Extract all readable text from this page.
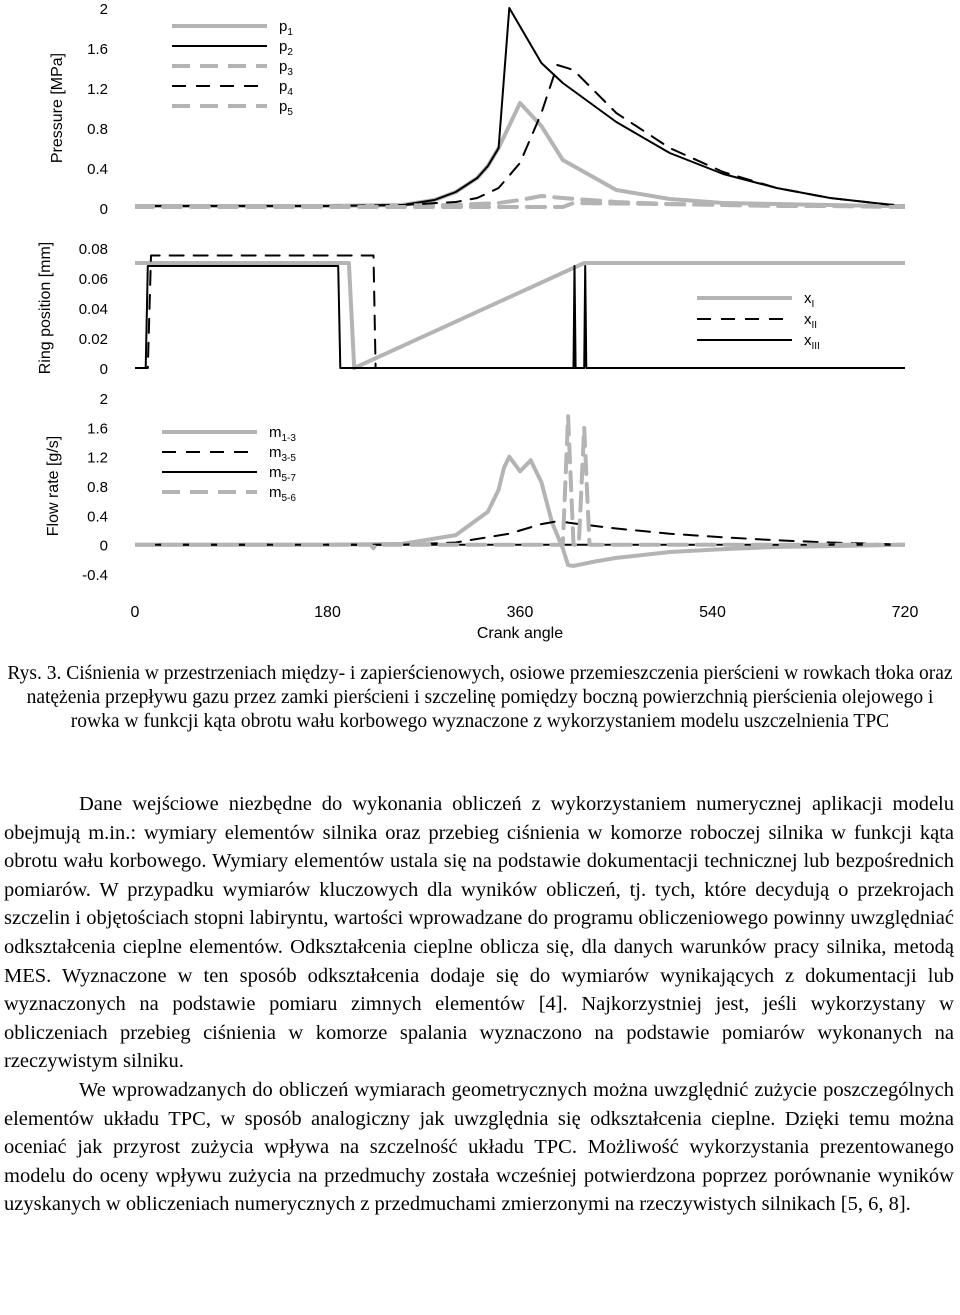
2
1.6
1.2
0.8
0.4
0
Pressure [MPa]
$p_1$
$p_2$
$p_3$
$p_4$
$p_5$
0.08
0.06
0.04
0.02
0
Ring position [mm]	$x_I$
$x_{II}$
$x_{III}$
2
1.6
1.2
0.8
0.4
0
-0.4
Flow rate [g/s]
$m_{1-3}$
$m_{3-5}$
$m_{5-7}$
$m_{5-6}$
0	180	360	540	720
Crank angle

Rys. 3. Ciśnienia w przestrzeniach między- i zapierścienowych, osiowe przemieszczenia pierścieni w rowkach tłoka oraz natężenia przepływu gazu przez zamki pierścieni i szczelinę pomiędzy boczną powierzchnią pierścienia olejowego i rowka w funkcji kąta obrotu wału korbowego wyznaczone z wykorzystaniem modelu uszczelnienia TPC

Dane wejściowe niezbędne do wykonania obliczeń z wykorzystaniem numerycznej aplikacji modelu obejmują m.in.: wymiary elementów silnika oraz przebieg ciśnienia w komorze roboczej silnika w funkcji kąta obrotu wału korbowego. Wymiary elementów ustala się na podstawie dokumentacji technicznej lub bezpośrednich pomiarów. W przypadku wymiarów kluczowych dla wyników obliczeń, tj. tych, które decydują o przekrojach szczelin i objętościach stopni labiryntu, wartości wprowadzane do programu obliczeniowego powinny uwzględniać odkształcenia cieplne elementów. Odkształcenia cieplne oblicza się, dla danych warunków pracy silnika, metodą MES. Wyznaczone w ten sposób odkształcenia dodaje się do wymiarów wynikających z dokumentacji lub wyznaczonych na podstawie pomiaru zimnych elementów [4]. Najkorzystniej jest, jeśli wykorzystany w obliczeniach przebieg ciśnienia w komorze spalania wyznaczono na podstawie pomiarów wykonanych na rzeczywistym silniku.

We wprowadzanych do obliczeń wymiarach geometrycznych można uwzględnić zużycie poszczególnych elementów układu TPC, w sposób analogiczny jak uwzględnia się odkształcenia cieplne. Dzięki temu można oceniać jak przyrost zużycia wpływa na szczelność układu TPC. Możliwość wykorzystania prezentowanego modelu do oceny wpływu zużycia na przedmuchy została wcześniej potwierdzona poprzez porównanie wyników uzyskanych w obliczeniach numerycznych z przedmuchami zmierzonymi na rzeczywistych silnikach [5, 6, 8].
